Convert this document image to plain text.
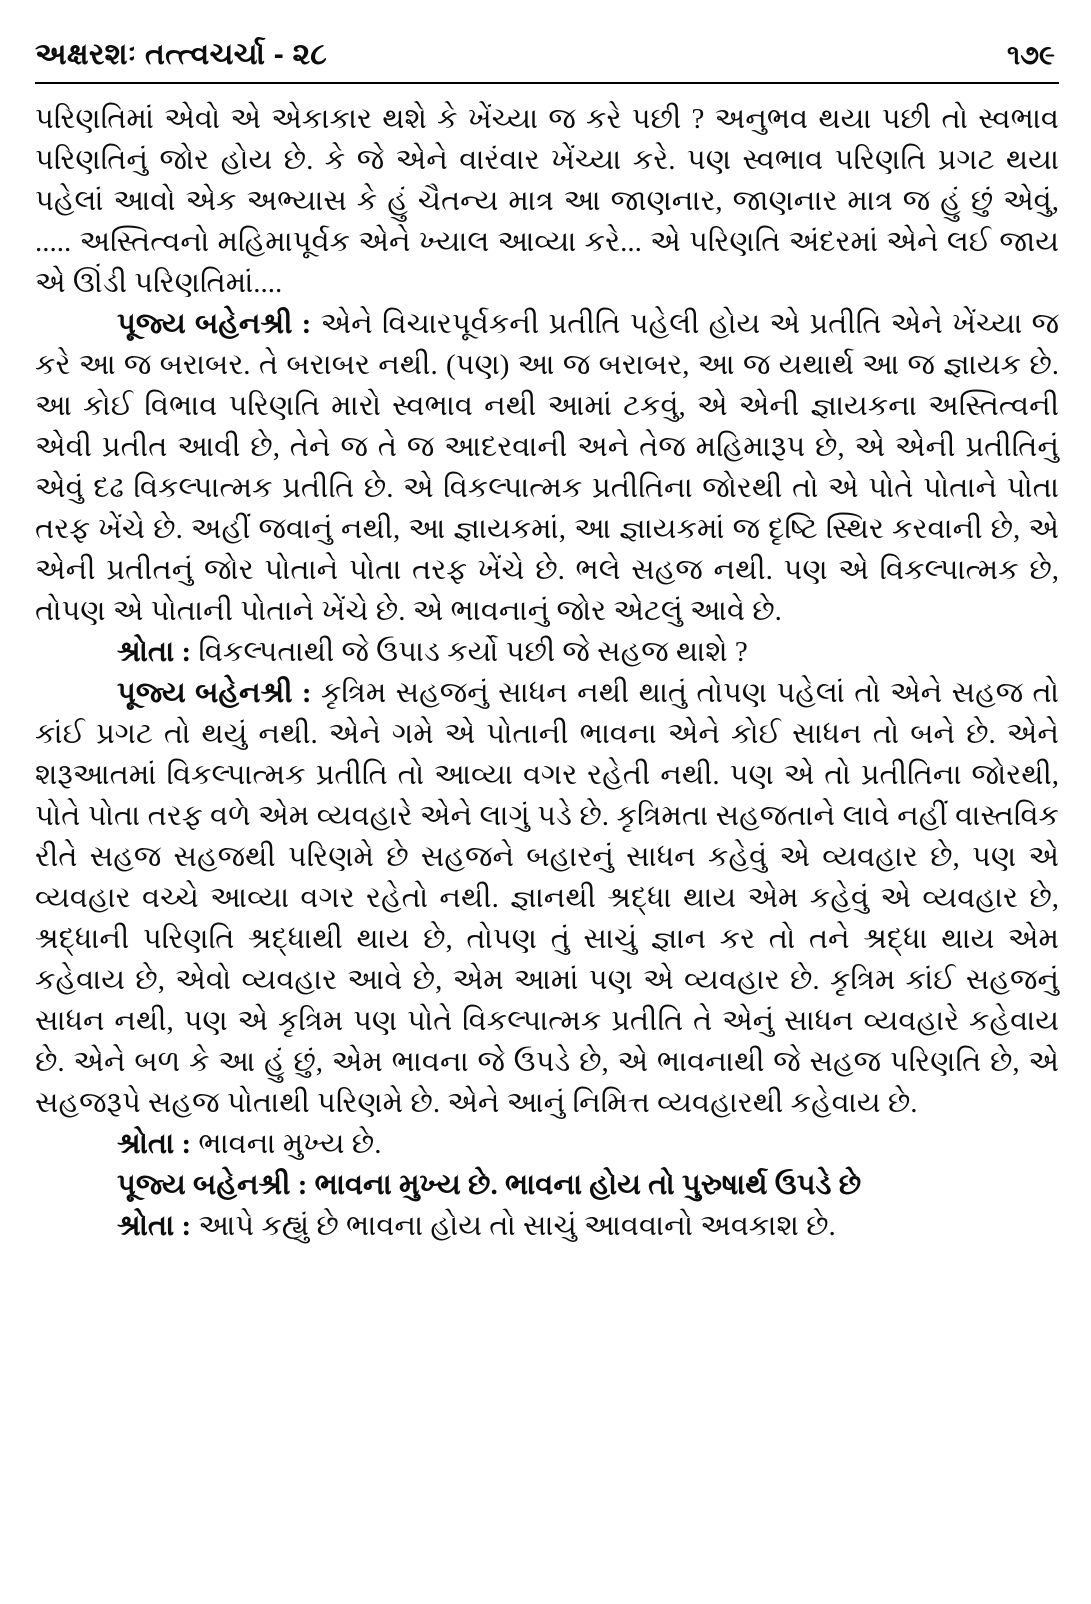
અક્ષરશઃ તત્ત્વચર્ચા - ૨૮	૧૭૯

પરિણતિમાં એવો એ એકાકાર થશે કે ખેંચ્યા જ કરે પછી ? અનુભવ થયા પછી તો સ્વભાવ પરિણતિનું જોર હોય છે. કે જે એને વારંવાર ખેંચ્યા કરે. પણ સ્વભાવ પરિણતિ પ્રગટ થયા પહેલાં આવો એક અભ્યાસ કે હું ચૈતન્ય માત્ર આ જાણનાર, જાણનાર માત્ર જ હું છું એવું, ..... અસ્તિત્વનો મહિમાપૂર્વક એને ખ્યાલ આવ્યા કરે... એ પરિણતિ અંદરમાં એને લઈ જાય એ ઊંડી પરિણતિમાં....

પૂજ્ય બહેનશ્રી : એને વિચારપૂર્વકની પ્રતીતિ પહેલી હોય એ પ્રતીતિ એને ખેંચ્યા જ કરે આ જ બરાબર. તે બરાબર નથી. (પણ) આ જ બરાબર, આ જ યથાર્થ આ જ જ્ઞાયક છે. આ કોઈ વિભાવ પરિણતિ મારો સ્વભાવ નથી આમાં ટકવું, એ એની જ્ઞાયકના અસ્તિત્વની એવી પ્રતીત આવી છે, તેને જ તે જ આદરવાની અને તેજ મહિમારૂપ છે, એ એની પ્રતીતિનું એવું દઢ વિકલ્પાત્મક પ્રતીતિ છે. એ વિકલ્પાત્મક પ્રતીતિના જોરથી તો એ પોતે પોતાને પોતા તરફ ખેંચે છે. અહીં જવાનું નથી, આ જ્ઞાયકમાં, આ જ્ઞાયકમાં જ દૃષ્ટિ સ્થિર કરવાની છે, એ એની પ્રતીતનું જોર પોતાને પોતા તરફ ખેંચે છે. ભલે સહજ નથી. પણ એ વિકલ્પાત્મક છે, તોપણ એ પોતાની પોતાને ખેંચે છે. એ ભાવનાનું જોર એટલું આવે છે.

શ્રોતા : વિકલ્પતાથી જે ઉપાડ કર્યો પછી જે સહજ થાશે ?

પૂજ્ય બહેનશ્રી : કૃત્રિમ સહજનું સાધન નથી થાતું તોપણ પહેલાં તો એને સહજ તો કાંઈ પ્રગટ તો થયું નથી. એને ગમે એ પોતાની ભાવના એને કોઈ સાધન તો બને છે. એને શરૂઆતમાં વિકલ્પાત્મક પ્રતીતિ તો આવ્યા વગર રહેતી નથી. પણ એ તો પ્રતીતિના જોરથી, પોતે પોતા તરફ વળે એમ વ્યવહારે એને લાગું પડે છે. કૃત્રિમતા સહજતાને લાવે નહીં વાસ્તવિક રીતે સહજ સહજથી પરિણમે છે સહજને બહારનું સાધન કહેવું એ વ્યવહાર છે, પણ એ વ્યવહાર વચ્ચે આવ્યા વગર રહેતો નથી. જ્ઞાનથી શ્રદ્ધા થાય એમ કહેવું એ વ્યવહાર છે, શ્રદ્ધાની પરિણતિ શ્રદ્ધાથી થાય છે, તોપણ તું સાચું જ્ઞાન કર તો તને શ્રદ્ધા થાય એમ કહેવાય છે, એવો વ્યવહાર આવે છે, એમ આમાં પણ એ વ્યવહાર છે. કૃત્રિમ કાંઈ સહજનું સાધન નથી, પણ એ કૃત્રિમ પણ પોતે વિકલ્પાત્મક પ્રતીતિ તે એનું સાધન વ્યવહારે કહેવાય છે. એને બળ કે આ હું છું, એમ ભાવના જે ઉપડે છે, એ ભાવનાથી જે સહજ પરિણતિ છે, એ સહજરૂપે સહજ પોતાથી પરિણમે છે. એને આનું નિમિત્ત વ્યવહારથી કહેવાય છે.

શ્રોતા : ભાવના મુખ્ય છે.

પૂજ્ય બહેનશ્રી : ભાવના મુખ્ય છે. ભાવના હોય તો પુરુષાર્થ ઉપડે છે

શ્રોતા : આપે કહ્યું છે ભાવના હોય તો સાચું આવવાનો અવકાશ છે.
